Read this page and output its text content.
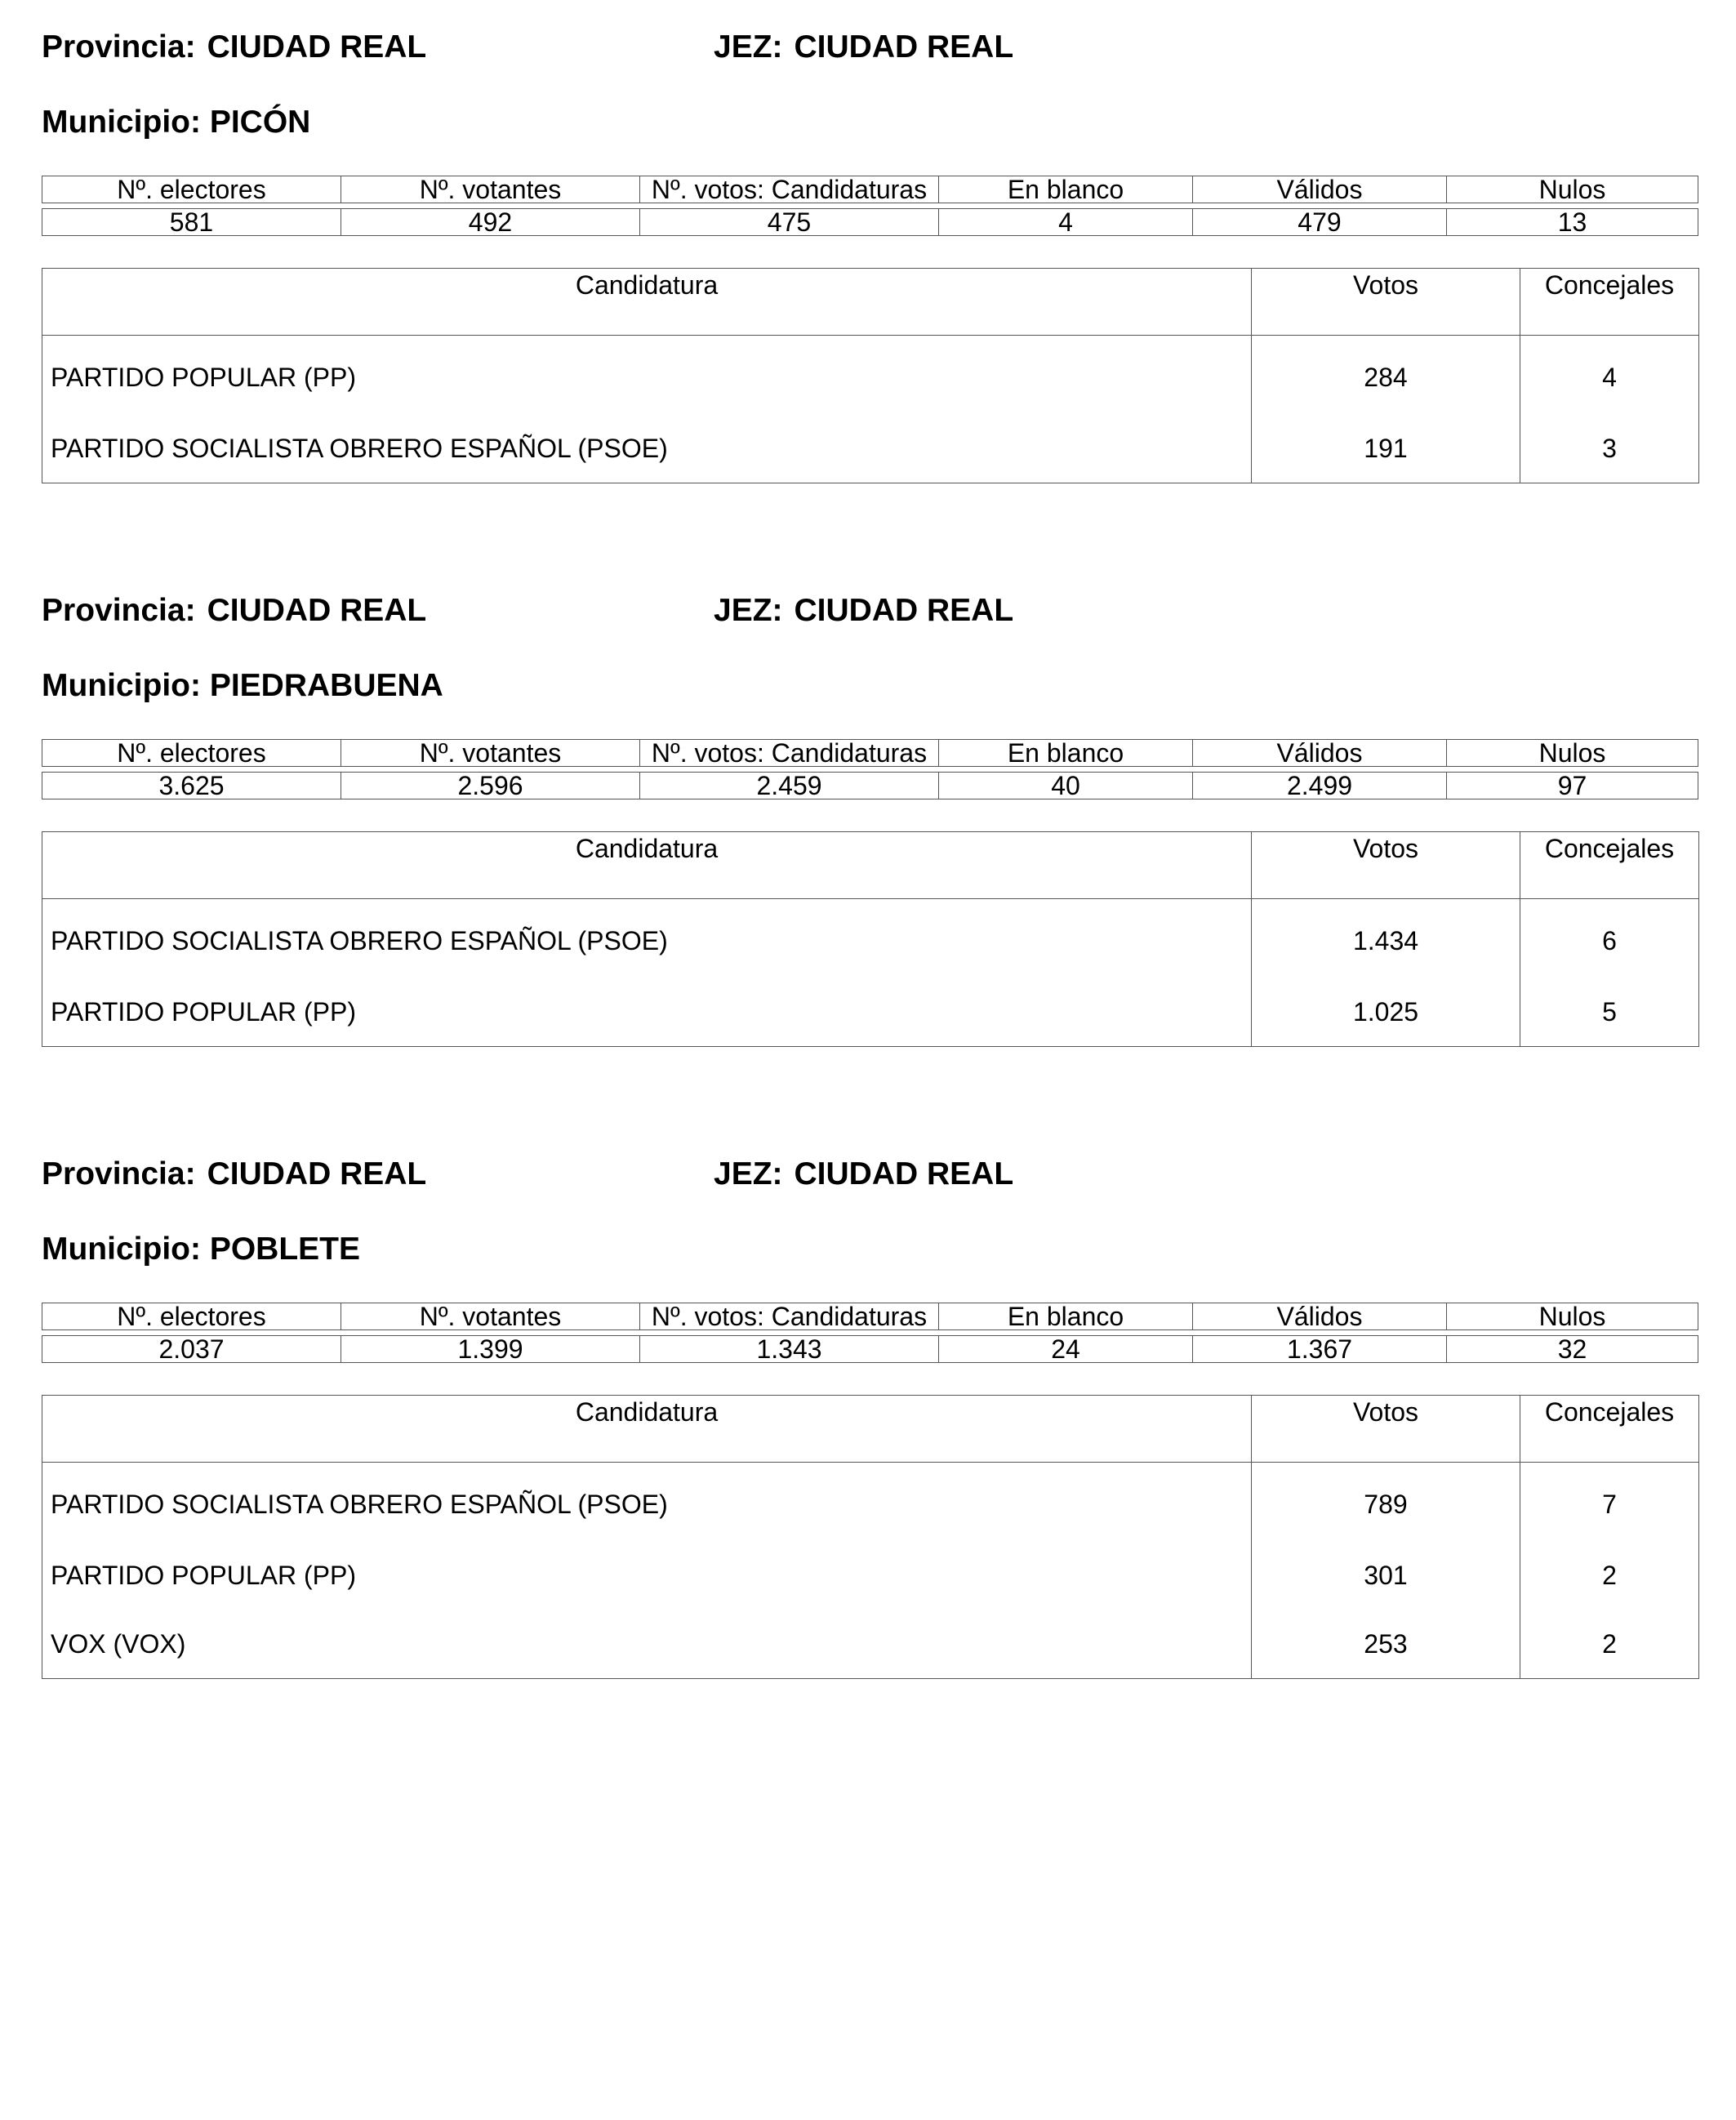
Provincia: CIUDAD REAL	JEZ: CIUDAD REAL
Municipio: PICÓN
Nº. electores	Nº. votantes	Nº. votos: Candidaturas	En blanco	Válidos	Nulos
581	492	475	4	479	13
Candidatura	Votos	Concejales
PARTIDO POPULAR (PP)	284	4
PARTIDO SOCIALISTA OBRERO ESPAÑOL (PSOE)	191	3
Provincia: CIUDAD REAL	JEZ: CIUDAD REAL
Municipio: PIEDRABUENA
Nº. electores	Nº. votantes	Nº. votos: Candidaturas	En blanco	Válidos	Nulos
3.625	2.596	2.459	40	2.499	97
Candidatura	Votos	Concejales
PARTIDO SOCIALISTA OBRERO ESPAÑOL (PSOE)	1.434	6
PARTIDO POPULAR (PP)	1.025	5
Provincia: CIUDAD REAL	JEZ: CIUDAD REAL
Municipio: POBLETE
Nº. electores	Nº. votantes	Nº. votos: Candidaturas	En blanco	Válidos	Nulos
2.037	1.399	1.343	24	1.367	32
Candidatura	Votos	Concejales
PARTIDO SOCIALISTA OBRERO ESPAÑOL (PSOE)	789	7
PARTIDO POPULAR (PP)	301	2
VOX (VOX)	253	2
